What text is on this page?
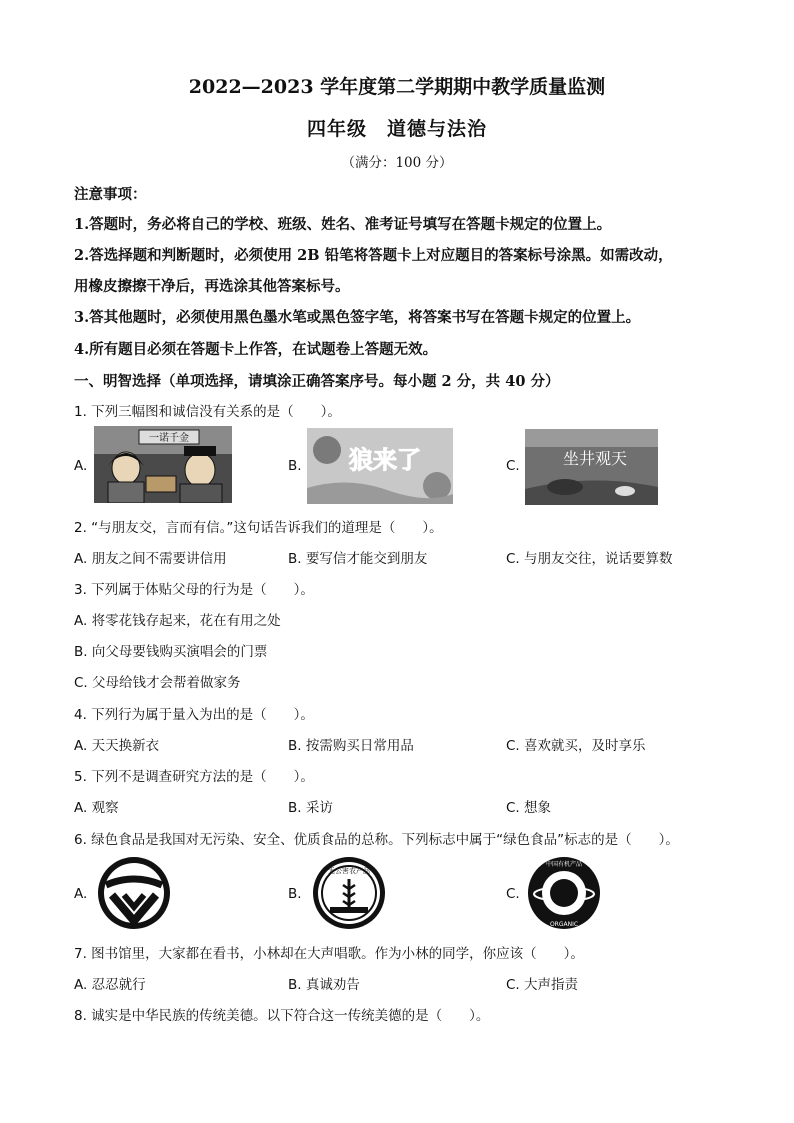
2022—2023 学年度第二学期期中教学质量监测
四年级　道德与法治
（满分：100 分）
注意事项：
1.答题时，务必将自己的学校、班级、姓名、准考证号填写在答题卡规定的位置上。
2.答选择题和判断题时，必须使用 2B 铅笔将答题卡上对应题目的答案标号涂黑。如需改动，
用橡皮擦擦干净后，再选涂其他答案标号。
3.答其他题时，必须使用黑色墨水笔或黑色签字笔，将答案书写在答题卡规定的位置上。
4.所有题目必须在答题卡上作答，在试题卷上答题无效。
一、明智选择（单项选择，请填涂正确答案序号。每小题 2 分，共 40 分）
1. 下列三幅图和诚信没有关系的是（　　）。
A.	B.	C.
一诺千金
狼来了	坐井观天
2. “与朋友交，言而有信。”这句话告诉我们的道理是（　　）。
A. 朋友之间不需要讲信用	B. 要写信才能交到朋友	C. 与朋友交往，说话要算数
3. 下列属于体贴父母的行为是（　　）。
A. 将零花钱存起来，花在有用之处
B. 向父母要钱购买演唱会的门票
C. 父母给钱才会帮着做家务
4. 下列行为属于量入为出的是（　　）。
A. 天天换新衣	B. 按需购买日常用品	C. 喜欢就买，及时享乐
5. 下列不是调查研究方法的是（　　）。
A. 观察	B. 采访	C. 想象
6. 绿色食品是我国对无污染、安全、优质食品的总称。下列标志中属于“绿色食品”标志的是（　　）。
A.	B.	C.
无公害农产品
中国有机产品
ORGANIC
7. 图书馆里，大家都在看书，小林却在大声唱歌。作为小林的同学，你应该（　　）。
A. 忍忍就行	B. 真诚劝告	C. 大声指责
8. 诚实是中华民族的传统美德。以下符合这一传统美德的是（　　）。
